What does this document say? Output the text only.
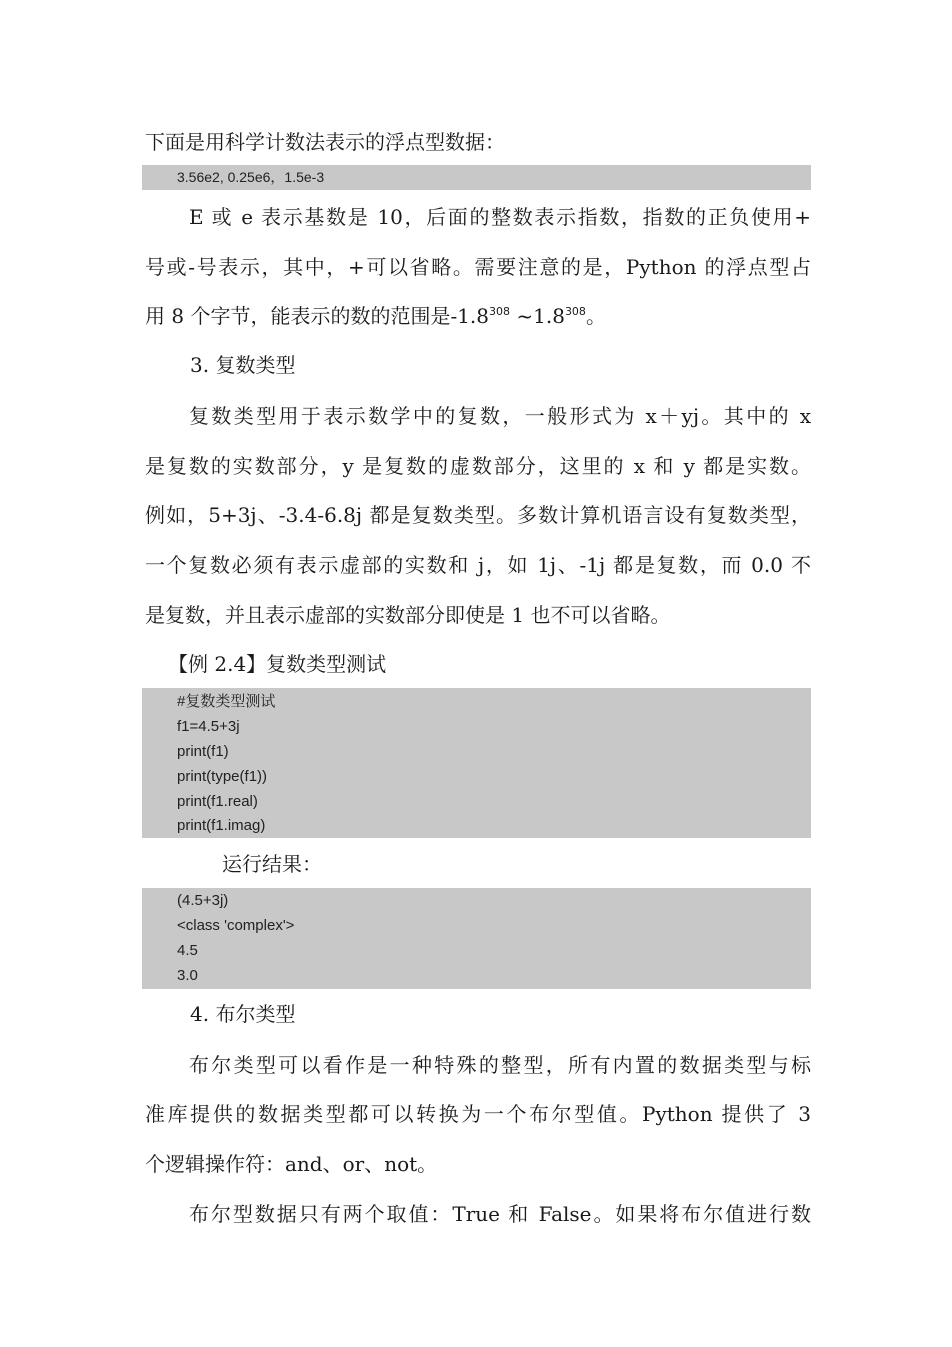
下面是用科学计数法表示的浮点型数据：
3.56e2, 0.25e6，1.5e-3
E 或 e 表示基数是 10，后面的整数表示指数，指数的正负使用+
号或-号表示，其中，+可以省略。需要注意的是，Python 的浮点型占
用 8 个字节，能表示的数的范围是$-1.8^{308}$ $\sim 1.8^{308}$。
3. 复数类型
复数类型用于表示数学中的复数，一般形式为 x＋yj。其中的 x
是复数的实数部分，y 是复数的虚数部分，这里的 x 和 y 都是实数。
例如，5+3j、-3.4-6.8j 都是复数类型。多数计算机语言设有复数类型，
一个复数必须有表示虚部的实数和 j，如 1j、-1j 都是复数，而 0.0 不
是复数，并且表示虚部的实数部分即使是 1 也不可以省略。
【例 2.4】复数类型测试
#复数类型测试
f1=4.5+3j
print(f1)
print(type(f1))
print(f1.real)
print(f1.imag)
运行结果：
(4.5+3j)
<class 'complex'>
4.5
3.0
4. 布尔类型
布尔类型可以看作是一种特殊的整型，所有内置的数据类型与标
准库提供的数据类型都可以转换为一个布尔型值。Python 提供了 3
个逻辑操作符：and、or、not。
布尔型数据只有两个取值：True 和 False。如果将布尔值进行数
